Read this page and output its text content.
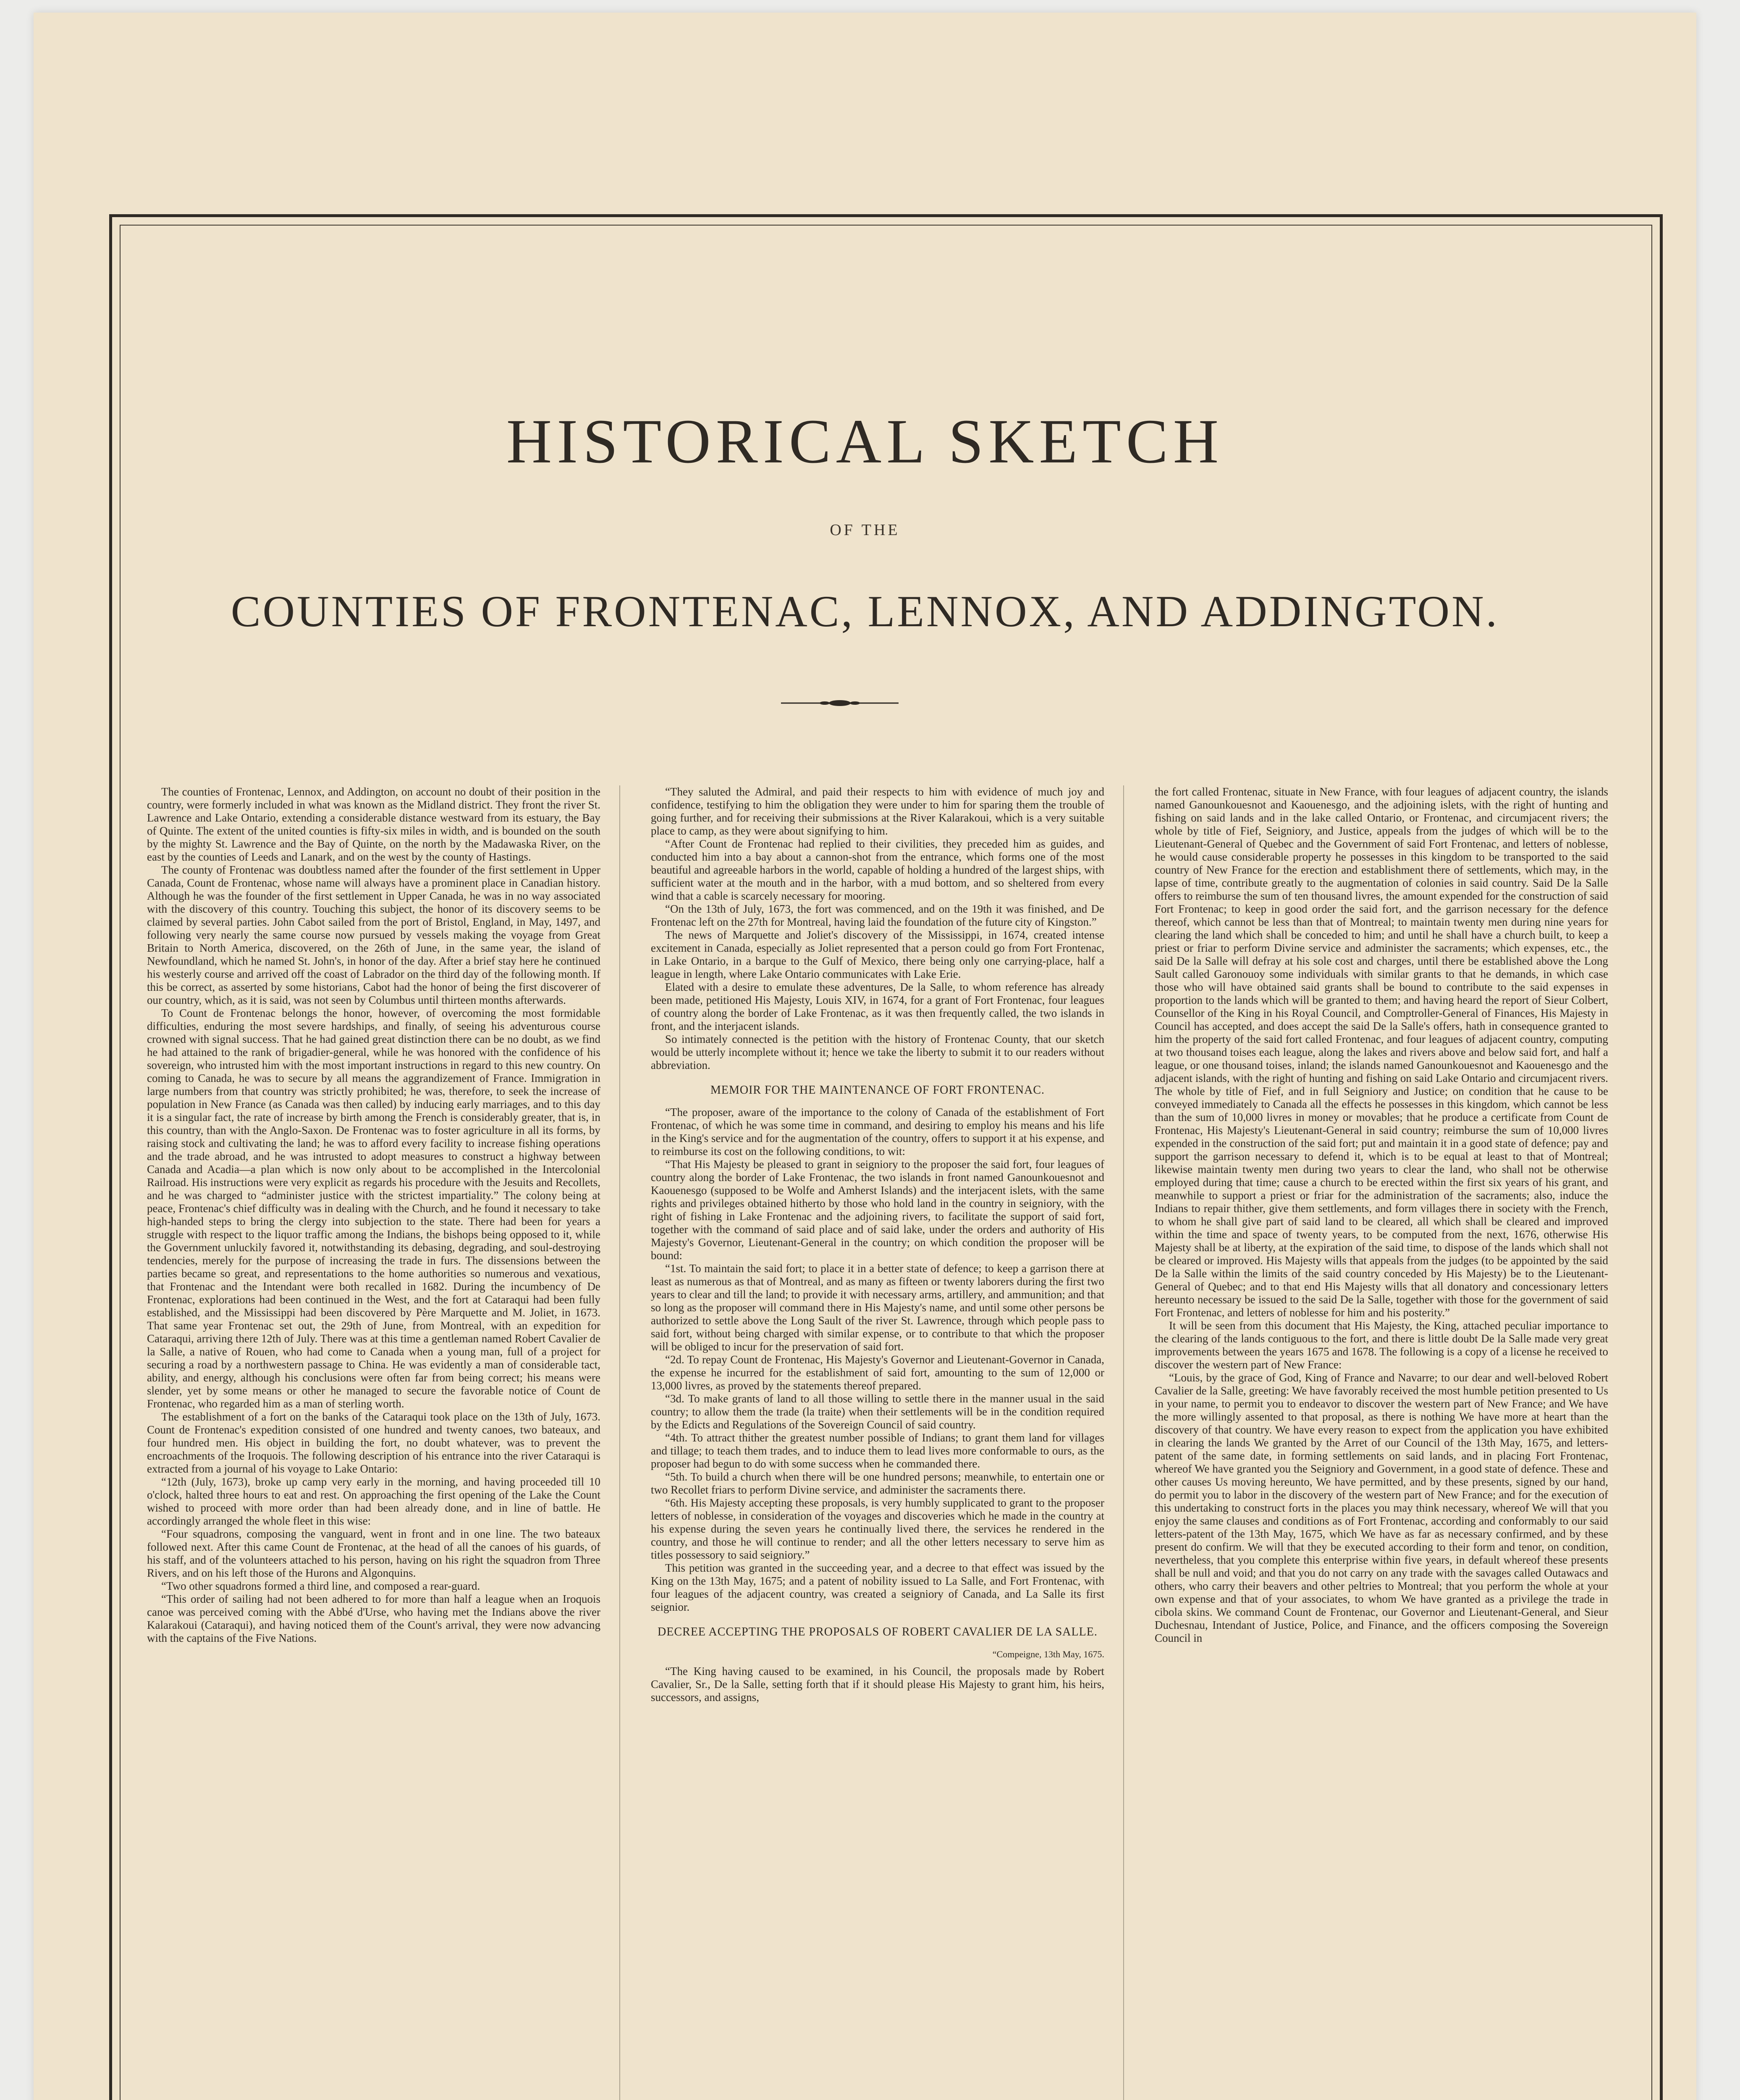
HISTORICAL SKETCH
OF THE
COUNTIES OF FRONTENAC, LENNOX, AND ADDINGTON.

The counties of Frontenac, Lennox, and Addington, on account no doubt of their position in the country, were formerly included in what was known as the Midland district. They front the river St. Lawrence and Lake Ontario, extending a considerable distance westward from its estuary, the Bay of Quinte. The extent of the united counties is fifty-six miles in width, and is bounded on the south by the mighty St. Lawrence and the Bay of Quinte, on the north by the Madawaska River, on the east by the counties of Leeds and Lanark, and on the west by the county of Hastings.

The county of Frontenac was doubtless named after the founder of the first settlement in Upper Canada, Count de Frontenac, whose name will always have a prominent place in Canadian history. Although he was the founder of the first settlement in Upper Canada, he was in no way associated with the discovery of this country. Touching this subject, the honor of its discovery seems to be claimed by several parties. John Cabot sailed from the port of Bristol, England, in May, 1497, and following very nearly the same course now pursued by vessels making the voyage from Great Britain to North America, discovered, on the 26th of June, in the same year, the island of Newfoundland, which he named St. John's, in honor of the day. After a brief stay here he continued his westerly course and arrived off the coast of Labrador on the third day of the following month. If this be correct, as asserted by some historians, Cabot had the honor of being the first discoverer of our country, which, as it is said, was not seen by Columbus until thirteen months afterwards.

To Count de Frontenac belongs the honor, however, of overcoming the most formidable difficulties, enduring the most severe hardships, and finally, of seeing his adventurous course crowned with signal success. That he had gained great distinction there can be no doubt, as we find he had attained to the rank of brigadier-general, while he was honored with the confidence of his sovereign, who intrusted him with the most important instructions in regard to this new country. On coming to Canada, he was to secure by all means the aggrandizement of France. Immigration in large numbers from that country was strictly prohibited; he was, therefore, to seek the increase of population in New France (as Canada was then called) by inducing early marriages, and to this day it is a singular fact, the rate of increase by birth among the French is considerably greater, that is, in this country, than with the Anglo-Saxon. De Frontenac was to foster agriculture in all its forms, by raising stock and cultivating the land; he was to afford every facility to increase fishing operations and the trade abroad, and he was intrusted to adopt measures to construct a highway between Canada and Acadia—a plan which is now only about to be accomplished in the Intercolonial Railroad. His instructions were very explicit as regards his procedure with the Jesuits and Recollets, and he was charged to “administer justice with the strictest impartiality.” The colony being at peace, Frontenac's chief difficulty was in dealing with the Church, and he found it necessary to take high-handed steps to bring the clergy into subjection to the state. There had been for years a struggle with respect to the liquor traffic among the Indians, the bishops being opposed to it, while the Government unluckily favored it, notwithstanding its debasing, degrading, and soul-destroying tendencies, merely for the purpose of increasing the trade in furs. The dissensions between the parties became so great, and representations to the home authorities so numerous and vexatious, that Frontenac and the Intendant were both recalled in 1682. During the incumbency of De Frontenac, explorations had been continued in the West, and the fort at Cataraqui had been fully established, and the Mississippi had been discovered by Père Marquette and M. Joliet, in 1673. That same year Frontenac set out, the 29th of June, from Montreal, with an expedition for Cataraqui, arriving there 12th of July. There was at this time a gentleman named Robert Cavalier de la Salle, a native of Rouen, who had come to Canada when a young man, full of a project for securing a road by a northwestern passage to China. He was evidently a man of considerable tact, ability, and energy, although his conclusions were often far from being correct; his means were slender, yet by some means or other he managed to secure the favorable notice of Count de Frontenac, who regarded him as a man of sterling worth.

The establishment of a fort on the banks of the Cataraqui took place on the 13th of July, 1673. Count de Frontenac's expedition consisted of one hundred and twenty canoes, two bateaux, and four hundred men. His object in building the fort, no doubt whatever, was to prevent the encroachments of the Iroquois. The following description of his entrance into the river Cataraqui is extracted from a journal of his voyage to Lake Ontario:

“12th (July, 1673), broke up camp very early in the morning, and having proceeded till 10 o'clock, halted three hours to eat and rest. On approaching the first opening of the Lake the Count wished to proceed with more order than had been already done, and in line of battle. He accordingly arranged the whole fleet in this wise:

“Four squadrons, composing the vanguard, went in front and in one line. The two bateaux followed next. After this came Count de Frontenac, at the head of all the canoes of his guards, of his staff, and of the volunteers attached to his person, having on his right the squadron from Three Rivers, and on his left those of the Hurons and Algonquins.

“Two other squadrons formed a third line, and composed a rear-guard.

“This order of sailing had not been adhered to for more than half a league when an Iroquois canoe was perceived coming with the Abbé d'Urse, who having met the Indians above the river Kalarakoui (Cataraqui), and having noticed them of the Count's arrival, they were now advancing with the captains of the Five Nations.

“They saluted the Admiral, and paid their respects to him with evidence of much joy and confidence, testifying to him the obligation they were under to him for sparing them the trouble of going further, and for receiving their submissions at the River Kalarakoui, which is a very suitable place to camp, as they were about signifying to him.

“After Count de Frontenac had replied to their civilities, they preceded him as guides, and conducted him into a bay about a cannon-shot from the entrance, which forms one of the most beautiful and agreeable harbors in the world, capable of holding a hundred of the largest ships, with sufficient water at the mouth and in the harbor, with a mud bottom, and so sheltered from every wind that a cable is scarcely necessary for mooring.

“On the 13th of July, 1673, the fort was commenced, and on the 19th it was finished, and De Frontenac left on the 27th for Montreal, having laid the foundation of the future city of Kingston.”

The news of Marquette and Joliet's discovery of the Mississippi, in 1674, created intense excitement in Canada, especially as Joliet represented that a person could go from Fort Frontenac, in Lake Ontario, in a barque to the Gulf of Mexico, there being only one carrying-place, half a league in length, where Lake Ontario communicates with Lake Erie.

Elated with a desire to emulate these adventures, De la Salle, to whom reference has already been made, petitioned His Majesty, Louis XIV, in 1674, for a grant of Fort Frontenac, four leagues of country along the border of Lake Frontenac, as it was then frequently called, the two islands in front, and the interjacent islands.

So intimately connected is the petition with the history of Frontenac County, that our sketch would be utterly incomplete without it; hence we take the liberty to submit it to our readers without abbreviation.

MEMOIR FOR THE MAINTENANCE OF FORT FRONTENAC.

“The proposer, aware of the importance to the colony of Canada of the establishment of Fort Frontenac, of which he was some time in command, and desiring to employ his means and his life in the King's service and for the augmentation of the country, offers to support it at his expense, and to reimburse its cost on the following conditions, to wit:

“That His Majesty be pleased to grant in seigniory to the proposer the said fort, four leagues of country along the border of Lake Frontenac, the two islands in front named Ganounkouesnot and Kaouenesgo (supposed to be Wolfe and Amherst Islands) and the interjacent islets, with the same rights and privileges obtained hitherto by those who hold land in the country in seigniory, with the right of fishing in Lake Frontenac and the adjoining rivers, to facilitate the support of said fort, together with the command of said place and of said lake, under the orders and authority of His Majesty's Governor, Lieutenant-General in the country; on which condition the proposer will be bound:

“1st. To maintain the said fort; to place it in a better state of defence; to keep a garrison there at least as numerous as that of Montreal, and as many as fifteen or twenty laborers during the first two years to clear and till the land; to provide it with necessary arms, artillery, and ammunition; and that so long as the proposer will command there in His Majesty's name, and until some other persons be authorized to settle above the Long Sault of the river St. Lawrence, through which people pass to said fort, without being charged with similar expense, or to contribute to that which the proposer will be obliged to incur for the preservation of said fort.

“2d. To repay Count de Frontenac, His Majesty's Governor and Lieutenant-Governor in Canada, the expense he incurred for the establishment of said fort, amounting to the sum of 12,000 or 13,000 livres, as proved by the statements thereof prepared.

“3d. To make grants of land to all those willing to settle there in the manner usual in the said country; to allow them the trade (la traite) when their settlements will be in the condition required by the Edicts and Regulations of the Sovereign Council of said country.

“4th. To attract thither the greatest number possible of Indians; to grant them land for villages and tillage; to teach them trades, and to induce them to lead lives more conformable to ours, as the proposer had begun to do with some success when he commanded there.

“5th. To build a church when there will be one hundred persons; meanwhile, to entertain one or two Recollet friars to perform Divine service, and administer the sacraments there.

“6th. His Majesty accepting these proposals, is very humbly supplicated to grant to the proposer letters of noblesse, in consideration of the voyages and discoveries which he made in the country at his expense during the seven years he continually lived there, the services he rendered in the country, and those he will continue to render; and all the other letters necessary to serve him as titles possessory to said seigniory.”

This petition was granted in the succeeding year, and a decree to that effect was issued by the King on the 13th May, 1675; and a patent of nobility issued to La Salle, and Fort Frontenac, with four leagues of the adjacent country, was created a seigniory of Canada, and La Salle its first seignior.

DECREE ACCEPTING THE PROPOSALS OF ROBERT CAVALIER DE LA SALLE.
“Compeigne, 13th May, 1675.

“The King having caused to be examined, in his Council, the proposals made by Robert Cavalier, Sr., De la Salle, setting forth that if it should please His Majesty to grant him, his heirs, successors, and assigns,

the fort called Frontenac, situate in New France, with four leagues of adjacent country, the islands named Ganounkouesnot and Kaouenesgo, and the adjoining islets, with the right of hunting and fishing on said lands and in the lake called Ontario, or Frontenac, and circumjacent rivers; the whole by title of Fief, Seigniory, and Justice, appeals from the judges of which will be to the Lieutenant-General of Quebec and the Government of said Fort Frontenac, and letters of noblesse, he would cause considerable property he possesses in this kingdom to be transported to the said country of New France for the erection and establishment there of settlements, which may, in the lapse of time, contribute greatly to the augmentation of colonies in said country. Said De la Salle offers to reimburse the sum of ten thousand livres, the amount expended for the construction of said Fort Frontenac; to keep in good order the said fort, and the garrison necessary for the defence thereof, which cannot be less than that of Montreal; to maintain twenty men during nine years for clearing the land which shall be conceded to him; and until he shall have a church built, to keep a priest or friar to perform Divine service and administer the sacraments; which expenses, etc., the said De la Salle will defray at his sole cost and charges, until there be established above the Long Sault called Garonouoy some individuals with similar grants to that he demands, in which case those who will have obtained said grants shall be bound to contribute to the said expenses in proportion to the lands which will be granted to them; and having heard the report of Sieur Colbert, Counsellor of the King in his Royal Council, and Comptroller-General of Finances, His Majesty in Council has accepted, and does accept the said De la Salle's offers, hath in consequence granted to him the property of the said fort called Frontenac, and four leagues of adjacent country, computing at two thousand toises each league, along the lakes and rivers above and below said fort, and half a league, or one thousand toises, inland; the islands named Ganounkouesnot and Kaouenesgo and the adjacent islands, with the right of hunting and fishing on said Lake Ontario and circumjacent rivers. The whole by title of Fief, and in full Seigniory and Justice; on condition that he cause to be conveyed immediately to Canada all the effects he possesses in this kingdom, which cannot be less than the sum of 10,000 livres in money or movables; that he produce a certificate from Count de Frontenac, His Majesty's Lieutenant-General in said country; reimburse the sum of 10,000 livres expended in the construction of the said fort; put and maintain it in a good state of defence; pay and support the garrison necessary to defend it, which is to be equal at least to that of Montreal; likewise maintain twenty men during two years to clear the land, who shall not be otherwise employed during that time; cause a church to be erected within the first six years of his grant, and meanwhile to support a priest or friar for the administration of the sacraments; also, induce the Indians to repair thither, give them settlements, and form villages there in society with the French, to whom he shall give part of said land to be cleared, all which shall be cleared and improved within the time and space of twenty years, to be computed from the next, 1676, otherwise His Majesty shall be at liberty, at the expiration of the said time, to dispose of the lands which shall not be cleared or improved. His Majesty wills that appeals from the judges (to be appointed by the said De la Salle within the limits of the said country conceded by His Majesty) be to the Lieutenant-General of Quebec; and to that end His Majesty wills that all donatory and concessionary letters hereunto necessary be issued to the said De la Salle, together with those for the government of said Fort Frontenac, and letters of noblesse for him and his posterity.”

It will be seen from this document that His Majesty, the King, attached peculiar importance to the clearing of the lands contiguous to the fort, and there is little doubt De la Salle made very great improvements between the years 1675 and 1678. The following is a copy of a license he received to discover the western part of New France:

“Louis, by the grace of God, King of France and Navarre; to our dear and well-beloved Robert Cavalier de la Salle, greeting: We have favorably received the most humble petition presented to Us in your name, to permit you to endeavor to discover the western part of New France; and We have the more willingly assented to that proposal, as there is nothing We have more at heart than the discovery of that country. We have every reason to expect from the application you have exhibited in clearing the lands We granted by the Arret of our Council of the 13th May, 1675, and letters-patent of the same date, in forming settlements on said lands, and in placing Fort Frontenac, whereof We have granted you the Seigniory and Government, in a good state of defence. These and other causes Us moving hereunto, We have permitted, and by these presents, signed by our hand, do permit you to labor in the discovery of the western part of New France; and for the execution of this undertaking to construct forts in the places you may think necessary, whereof We will that you enjoy the same clauses and conditions as of Fort Frontenac, according and conformably to our said letters-patent of the 13th May, 1675, which We have as far as necessary confirmed, and by these present do confirm. We will that they be executed according to their form and tenor, on condition, nevertheless, that you complete this enterprise within five years, in default whereof these presents shall be null and void; and that you do not carry on any trade with the savages called Outawacs and others, who carry their beavers and other peltries to Montreal; that you perform the whole at your own expense and that of your associates, to whom We have granted as a privilege the trade in cibola skins. We command Count de Frontenac, our Governor and Lieutenant-General, and Sieur Duchesnau, Intendant of Justice, Police, and Finance, and the officers composing the Sovereign Council in
